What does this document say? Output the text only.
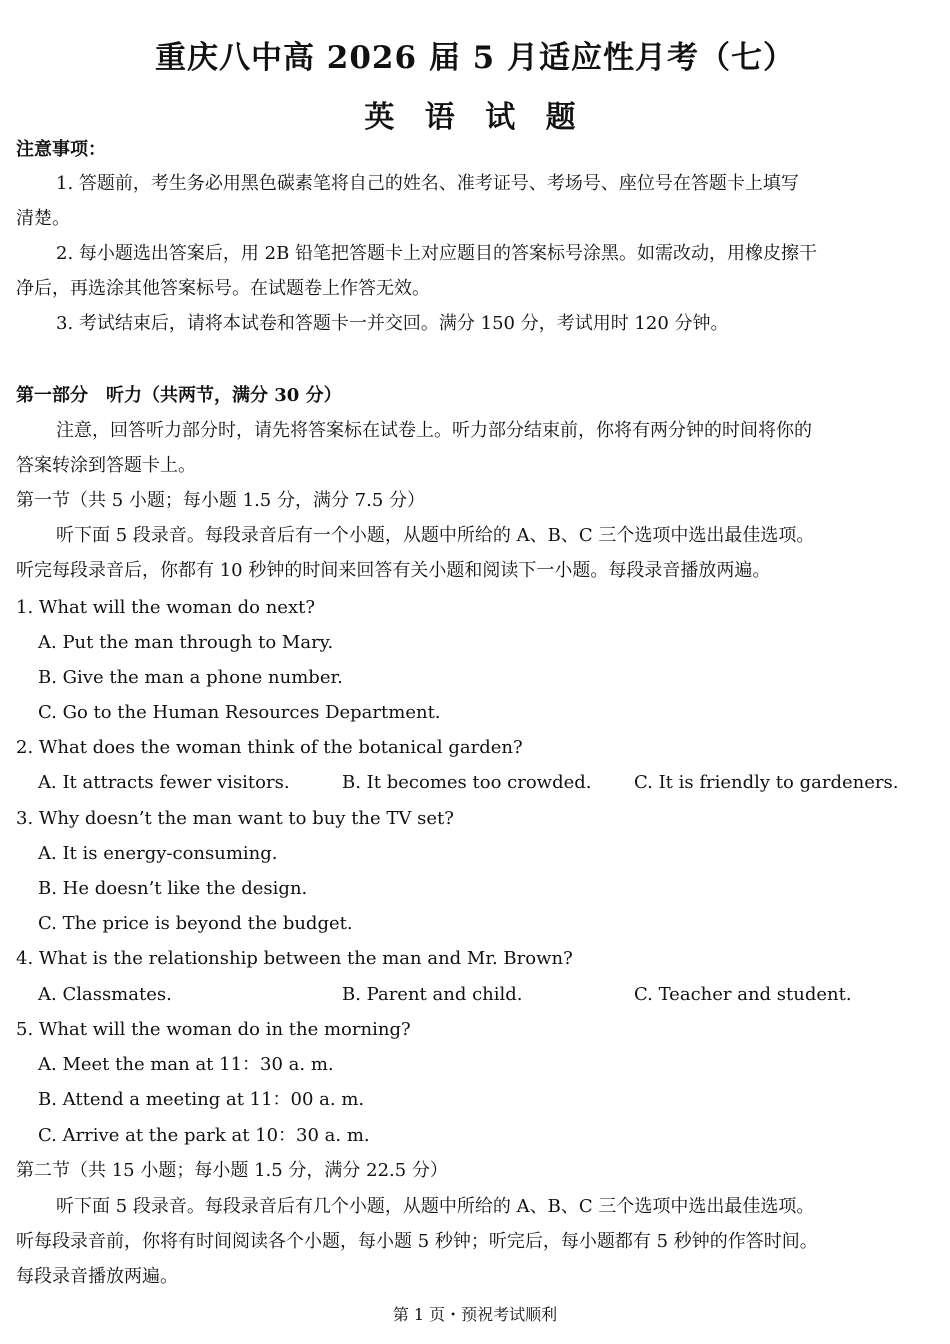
重庆八中高 2026 届 5 月适应性月考（七）
英 语 试 题
注意事项：
1. 答题前，考生务必用黑色碳素笔将自己的姓名、准考证号、考场号、座位号在答题卡上填写
清楚。
2. 每小题选出答案后，用 2B 铅笔把答题卡上对应题目的答案标号涂黑。如需改动，用橡皮擦干
净后，再选涂其他答案标号。在试题卷上作答无效。
3. 考试结束后，请将本试卷和答题卡一并交回。满分 150 分，考试用时 120 分钟。
第一部分　听力（共两节，满分 30 分）
注意，回答听力部分时，请先将答案标在试卷上。听力部分结束前，你将有两分钟的时间将你的
答案转涂到答题卡上。
第一节（共 5 小题；每小题 1.5 分，满分 7.5 分）
听下面 5 段录音。每段录音后有一个小题，从题中所给的 A、B、C 三个选项中选出最佳选项。
听完每段录音后，你都有 10 秒钟的时间来回答有关小题和阅读下一小题。每段录音播放两遍。
1. What will the woman do next?
A. Put the man through to Mary.
B. Give the man a phone number.
C. Go to the Human Resources Department.
2. What does the woman think of the botanical garden?
A. It attracts fewer visitors.	B. It becomes too crowded. C. It is friendly to gardeners.
3. Why doesn’t the man want to buy the TV set?
A. It is energy-consuming.
B. He doesn’t like the design.
C. The price is beyond the budget.
4. What is the relationship between the man and Mr. Brown?
A. Classmates.	B. Parent and child.	C. Teacher and student.
5. What will the woman do in the morning?
A. Meet the man at 11：30 a. m.
B. Attend a meeting at 11：00 a. m.
C. Arrive at the park at 10：30 a. m.
第二节（共 15 小题；每小题 1.5 分，满分 22.5 分）
听下面 5 段录音。每段录音后有几个小题，从题中所给的 A、B、C 三个选项中选出最佳选项。
听每段录音前，你将有时间阅读各个小题，每小题 5 秒钟；听完后，每小题都有 5 秒钟的作答时间。
每段录音播放两遍。
第 1 页・预祝考试顺利
